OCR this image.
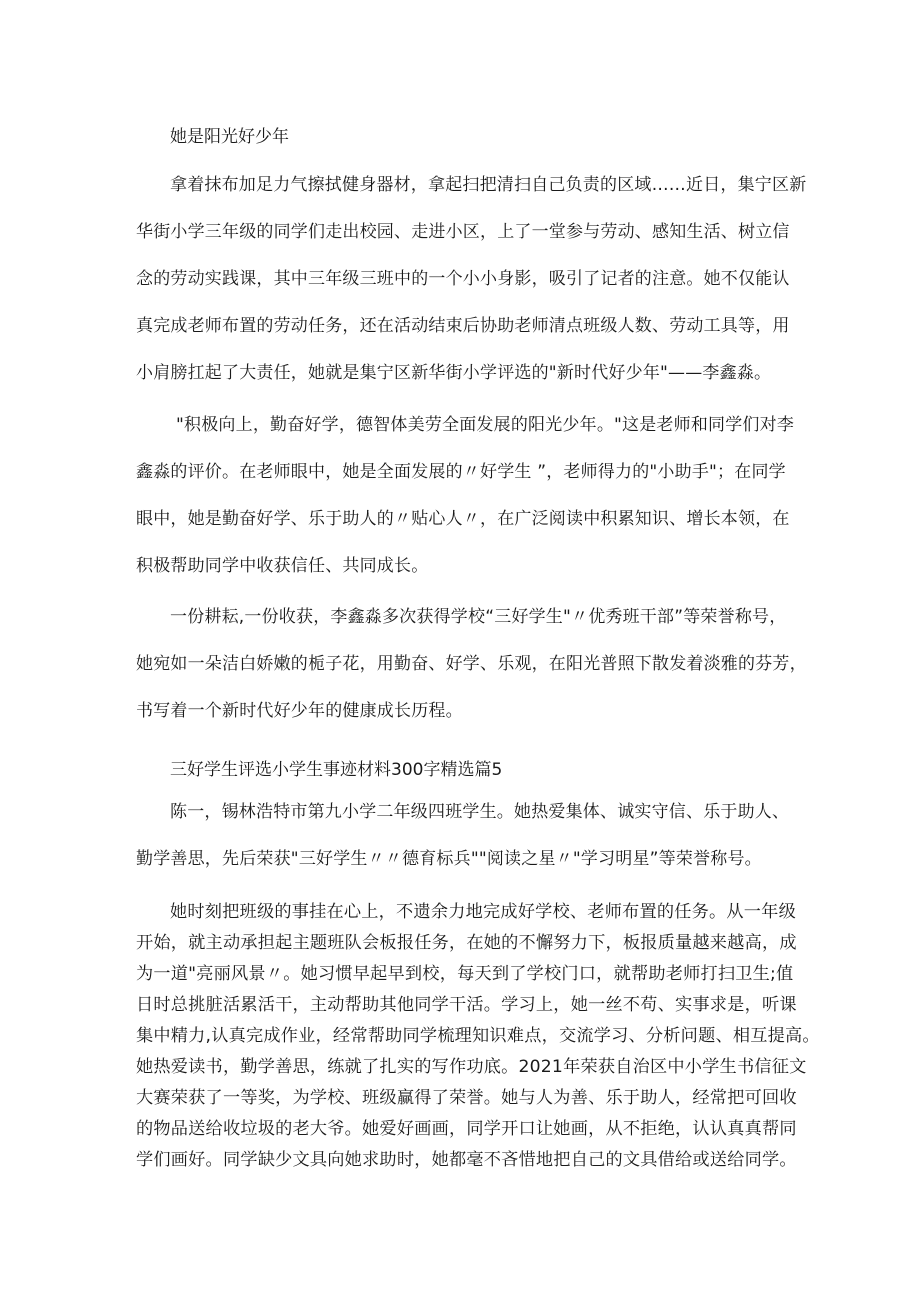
她是阳光好少年

拿着抹布加足力气擦拭健身器材，拿起扫把清扫自己负责的区域……近日，集宁区新
华街小学三年级的同学们走出校园、走进小区，上了一堂参与劳动、感知生活、树立信
念的劳动实践课，其中三年级三班中的一个小小身影，吸引了记者的注意。她不仅能认
真完成老师布置的劳动任务，还在活动结束后协助老师清点班级人数、劳动工具等，用
小肩膀扛起了大责任，她就是集宁区新华街小学评选的"新时代好少年"——李鑫淼。
"积极向上，勤奋好学，德智体美劳全面发展的阳光少年。"这是老师和同学们对李
鑫淼的评价。在老师眼中，她是全面发展的〃好学生 ”，老师得力的"小助手"；在同学
眼中，她是勤奋好学、乐于助人的〃贴心人〃，在广泛阅读中积累知识、增长本领，在
积极帮助同学中收获信任、共同成长。
一份耕耘,一份收获，李鑫淼多次获得学校“三好学生"〃优秀班干部”等荣誉称号，
她宛如一朵洁白娇嫩的栀子花，用勤奋、好学、乐观，在阳光普照下散发着淡雅的芬芳，
书写着一个新时代好少年的健康成长历程。

三好学生评选小学生事迹材料300字精选篇5

陈一，锡林浩特市第九小学二年级四班学生。她热爱集体、诚实守信、乐于助人、
勤学善思，先后荣获"三好学生〃〃德育标兵""阅读之星〃"学习明星”等荣誉称号。
她时刻把班级的事挂在心上，不遗余力地完成好学校、老师布置的任务。从一年级
开始，就主动承担起主题班队会板报任务，在她的不懈努力下，板报质量越来越高，成
为一道"亮丽风景〃。她习惯早起早到校，每天到了学校门口，就帮助老师打扫卫生;值
日时总挑脏活累活干，主动帮助其他同学干活。学习上，她一丝不苟、实事求是，听课
集中精力,认真完成作业，经常帮助同学梳理知识难点，交流学习、分析问题、相互提高。
她热爱读书，勤学善思，练就了扎实的写作功底。2021年荣获自治区中小学生书信征文
大赛荣获了一等奖，为学校、班级赢得了荣誉。她与人为善、乐于助人，经常把可回收
的物品送给收垃圾的老大爷。她爱好画画，同学开口让她画，从不拒绝，认认真真帮同
学们画好。同学缺少文具向她求助时，她都毫不吝惜地把自己的文具借给或送给同学。
